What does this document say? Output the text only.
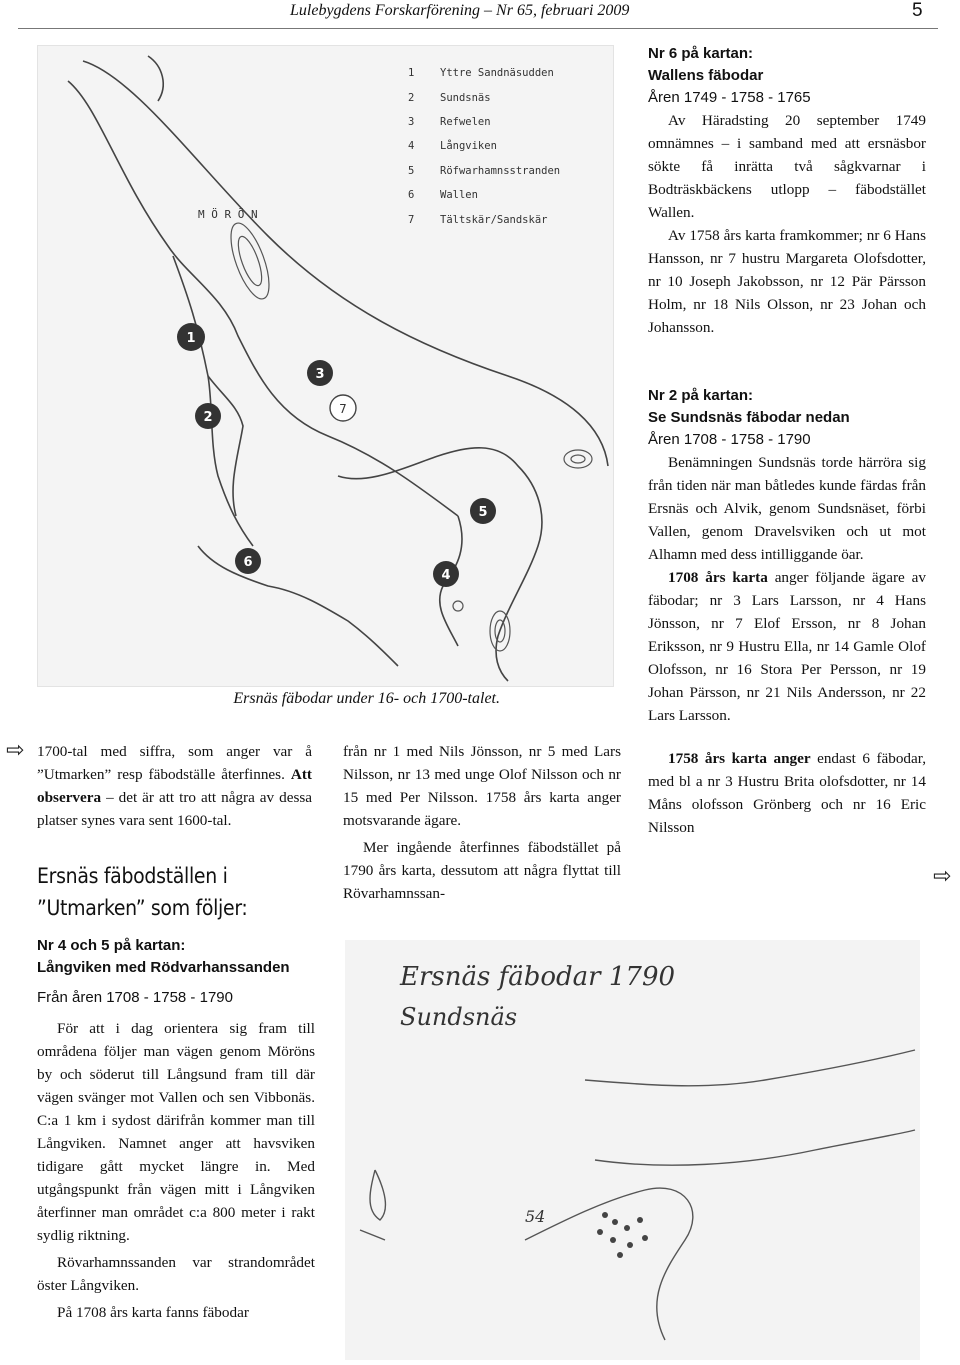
Lulebygdens Forskarförening – Nr 65, februari 2009	5
1
2
3
5
4
6
7
M Ö R Ö N
1 Yttre Sandnäsudden
2 Sundsnäs
3 Refwelen
4 Långviken
5 Röfwarhamnsstranden
6 Wallen
7 Tältskär/Sandskär
Ersnäs fäbodar under 16- och 1700-talet.
⇨ 1700-tal med siffra, som anger var å ”Utmarken” resp fäbodställe återfinnes. Att observera – det är att tro att några av dessa platser synes vara sent 1600-tal.
Ersnäs fäbodställen i
”Utmarken” som följer:
Nr 4 och 5 på kartan:
Långviken med Rödvarhanssanden
Från åren 1708 - 1758 - 1790
För att i dag orientera sig fram till områdena följer man vägen genom Möröns by och söderut till Långsund fram till där vägen svänger mot Vallen och sen Vibbonäs. C:a 1 km i sydost därifrån kommer man till Långviken. Namnet anger att havsviken tidigare gått mycket längre in. Med utgångspunkt från vägen mitt i Långviken återfinner man området c:a 800 meter i rakt sydlig riktning.
Rövarhamnssanden var strandområdet öster Långviken.
På 1708 års karta fanns fäbodar
från nr 1 med Nils Jönsson, nr 5 med Lars Nilsson, nr 13 med unge Olof Nilsson och nr 15 med Per Nilsson. 1758 års karta anger motsvarande ägare.
Mer ingående återfinnes fäbodstället på 1790 års karta, dessutom att några flyttat till Rövarhamnssan-
Ersnäs fäbodar 1790
Sundsnäs
54
Nr 6 på kartan:
Wallens fäbodar
Åren 1749 - 1758 - 1765
Av Häradsting 20 september 1749 omnämnes – i samband med att ersnäsbor sökte få inrätta två sågkvarnar i Bodträskbäckens utlopp – fäbodstället Wallen.
Av 1758 års karta framkommer; nr 6 Hans Hansson, nr 7 hustru Margareta Olofsdotter, nr 10 Joseph Jakobsson, nr 12 Pär Pärsson Holm, nr 18 Nils Olsson, nr 23 Johan och Johansson.
Nr 2 på kartan:
Se Sundsnäs fäbodar nedan
Åren 1708 - 1758 - 1790
Benämningen Sundsnäs torde härröra sig från tiden när man båtledes kunde färdas från Ersnäs och Alvik, genom Sundsnäset, förbi Vallen, genom Dravelsviken och ut mot Alhamn med dess intilliggande öar.
1708 års karta anger följande ägare av fäbodar; nr 3 Lars Larsson, nr 4 Hans Jönsson, nr 7 Elof Ersson, nr 8 Johan Eriksson, nr 9 Hustru Ella, nr 14 Gamle Olof Olofsson, nr 16 Stora Per Persson, nr 19 Johan Pärsson, nr 21 Nils Andersson, nr 22 Lars Larsson.
1758 års karta anger endast 6 fäbodar, med bl a nr 3 Hustru Brita olofsdotter, nr 14 Måns olofsson Grönberg och nr 16 Eric Nilsson
⇨
